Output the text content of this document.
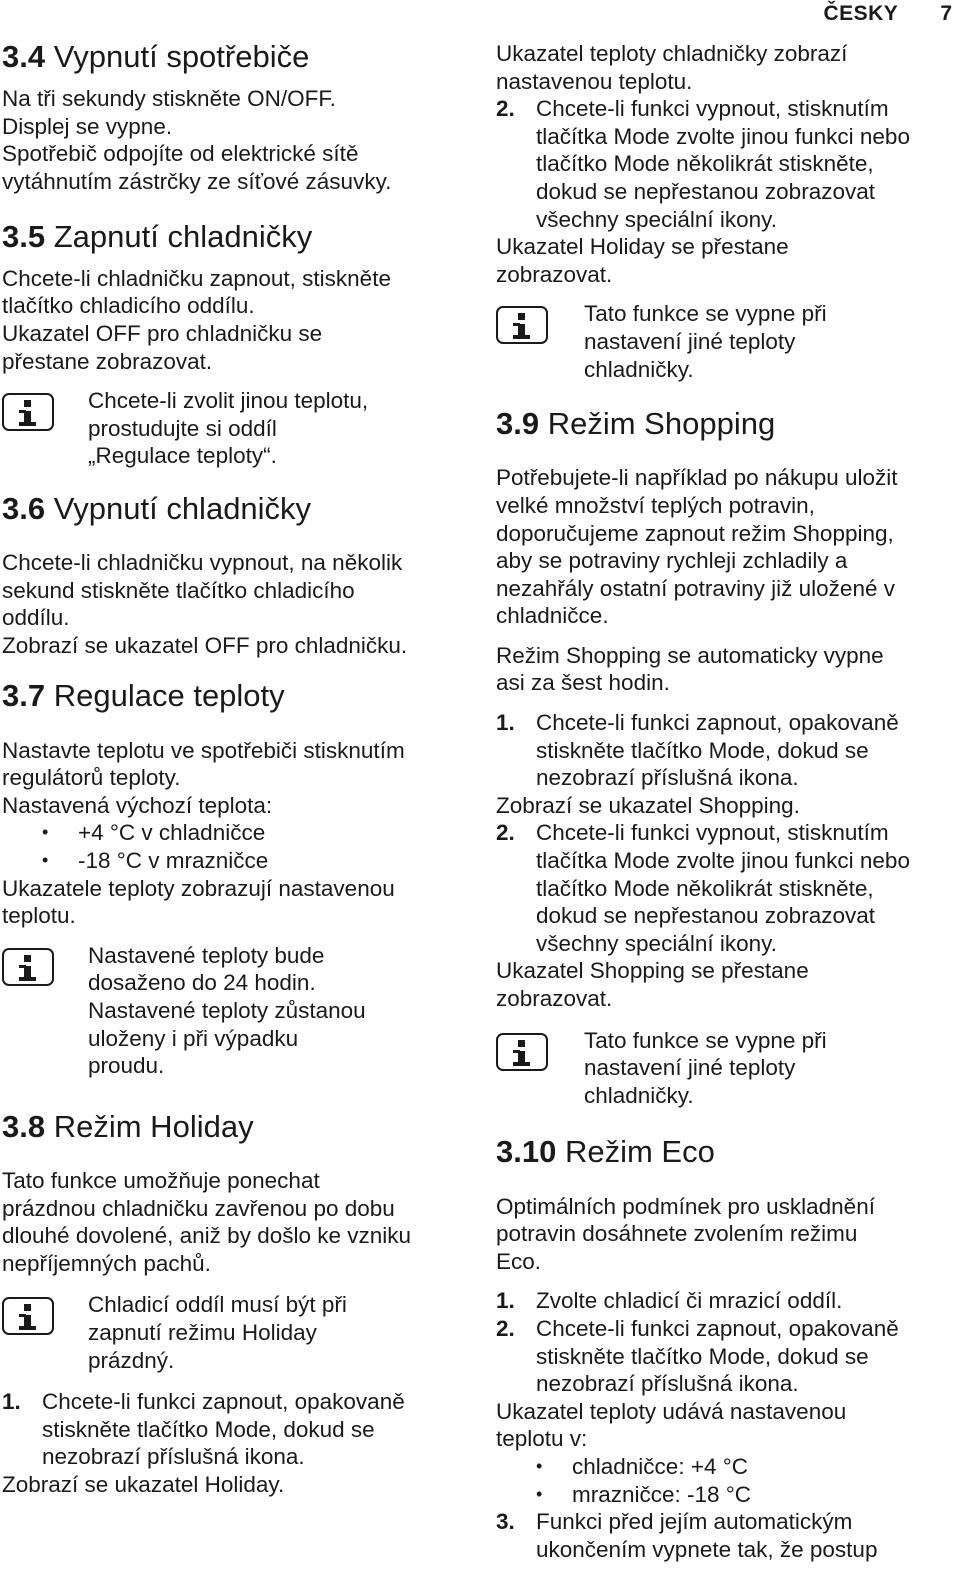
ČESKY 7
3.4 Vypnutí spotřebiče

Na tři sekundy stiskněte ON/OFF.

Displej se vypne.

Spotřebič odpojíte od elektrické sítě

vytáhnutím zástrčky ze síťové zásuvky.

3.5 Zapnutí chladničky

Chcete-li chladničku zapnout, stiskněte

tlačítko chladicího oddílu.

Ukazatel OFF pro chladničku se

přestane zobrazovat.

Chcete-li zvolit jinou teplotu,

prostudujte si oddíl

„Regulace teploty“.

3.6 Vypnutí chladničky

Chcete-li chladničku vypnout, na několik

sekund stiskněte tlačítko chladicího

oddílu.

Zobrazí se ukazatel OFF pro chladničku.

3.7 Regulace teploty

Nastavte teplotu ve spotřebiči stisknutím

regulátorů teploty.

Nastavená výchozí teplota:

• +4 °C v chladničce
• -18 °C v mrazničce

Ukazatele teploty zobrazují nastavenou

teplotu.

Nastavené teploty bude

dosaženo do 24 hodin.

Nastavené teploty zůstanou

uloženy i při výpadku

proudu.

3.8 Režim Holiday

Tato funkce umožňuje ponechat

prázdnou chladničku zavřenou po dobu

dlouhé dovolené, aniž by došlo ke vzniku

nepříjemných pachů.

Chladicí oddíl musí být při

zapnutí režimu Holiday

prázdný.

1. Chcete-li funkci zapnout, opakovaně
stiskněte tlačítko Mode, dokud se
nezobrazí příslušná ikona.

Zobrazí se ukazatel Holiday.

Ukazatel teploty chladničky zobrazí

nastavenou teplotu.

2. Chcete-li funkci vypnout, stisknutím
tlačítka Mode zvolte jinou funkci nebo
tlačítko Mode několikrát stiskněte,
dokud se nepřestanou zobrazovat
všechny speciální ikony.

Ukazatel Holiday se přestane

zobrazovat.

Tato funkce se vypne při

nastavení jiné teploty

chladničky.

3.9 Režim Shopping

Potřebujete-li například po nákupu uložit

velké množství teplých potravin,

doporučujeme zapnout režim Shopping,

aby se potraviny rychleji zchladily a

nezahřály ostatní potraviny již uložené v

chladničce.

Režim Shopping se automaticky vypne

asi za šest hodin.

1. Chcete-li funkci zapnout, opakovaně
stiskněte tlačítko Mode, dokud se
nezobrazí příslušná ikona.

Zobrazí se ukazatel Shopping.

2. Chcete-li funkci vypnout, stisknutím
tlačítka Mode zvolte jinou funkci nebo
tlačítko Mode několikrát stiskněte,
dokud se nepřestanou zobrazovat
všechny speciální ikony.

Ukazatel Shopping se přestane

zobrazovat.

Tato funkce se vypne při

nastavení jiné teploty

chladničky.

3.10 Režim Eco

Optimálních podmínek pro uskladnění

potravin dosáhnete zvolením režimu

Eco.

1. Zvolte chladicí či mrazicí oddíl.
2. Chcete-li funkci zapnout, opakovaně
stiskněte tlačítko Mode, dokud se
nezobrazí příslušná ikona.

Ukazatel teploty udává nastavenou

teplotu v:

• chladničce: +4 °C
• mrazničce: -18 °C
3. Funkci před jejím automatickým
ukončením vypnete tak, že postup
